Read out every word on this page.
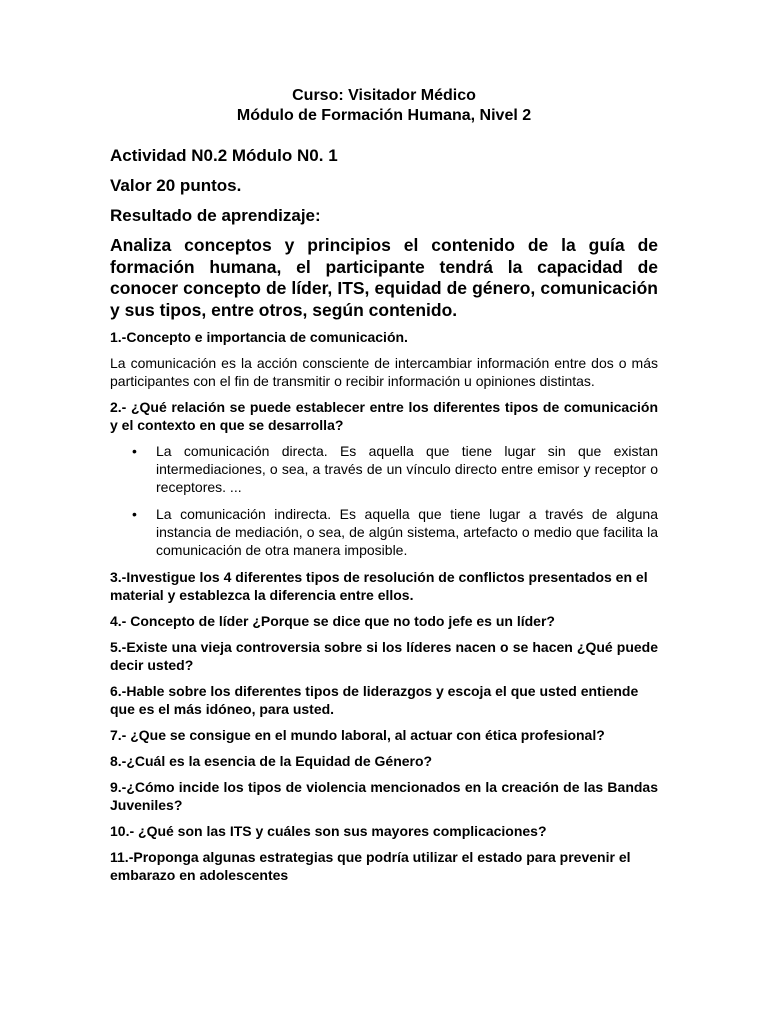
Curso: Visitador Médico

Módulo de Formación Humana, Nivel 2

Actividad N0.2 Módulo N0. 1

Valor 20 puntos.

Resultado de aprendizaje:

Analiza conceptos y principios el contenido de la guía de formación humana, el participante tendrá la capacidad de conocer concepto de líder, ITS, equidad de género, comunicación y sus tipos, entre otros, según contenido.

1.-Concepto e importancia de comunicación.

La comunicación es la acción consciente de intercambiar información entre dos o más participantes con el fin de transmitir o recibir información u opiniones distintas.

2.- ¿Qué relación se puede establecer entre los diferentes tipos de comunicación y el contexto en que se desarrolla?

• La comunicación directa. Es aquella que tiene lugar sin que existan intermediaciones, o sea, a través de un vínculo directo entre emisor y receptor o receptores. ...
• La comunicación indirecta. Es aquella que tiene lugar a través de alguna instancia de mediación, o sea, de algún sistema, artefacto o medio que facilita la comunicación de otra manera imposible.

3.-Investigue los 4 diferentes tipos de resolución de conflictos presentados en el material y establezca la diferencia entre ellos.

4.- Concepto de líder ¿Porque se dice que no todo jefe es un líder?

5.-Existe una vieja controversia sobre si los líderes nacen o se hacen ¿Qué puede decir usted?

6.-Hable sobre los diferentes tipos de liderazgos y escoja el que usted entiende que es el más idóneo, para usted.

7.- ¿Que se consigue en el mundo laboral, al actuar con ética profesional?

8.-¿Cuál es la esencia de la Equidad de Género?

9.-¿Cómo incide los tipos de violencia mencionados en la creación de las Bandas Juveniles?

10.- ¿Qué son las ITS y cuáles son sus mayores complicaciones?

11.-Proponga algunas estrategias que podría utilizar el estado para prevenir el embarazo en adolescentes
